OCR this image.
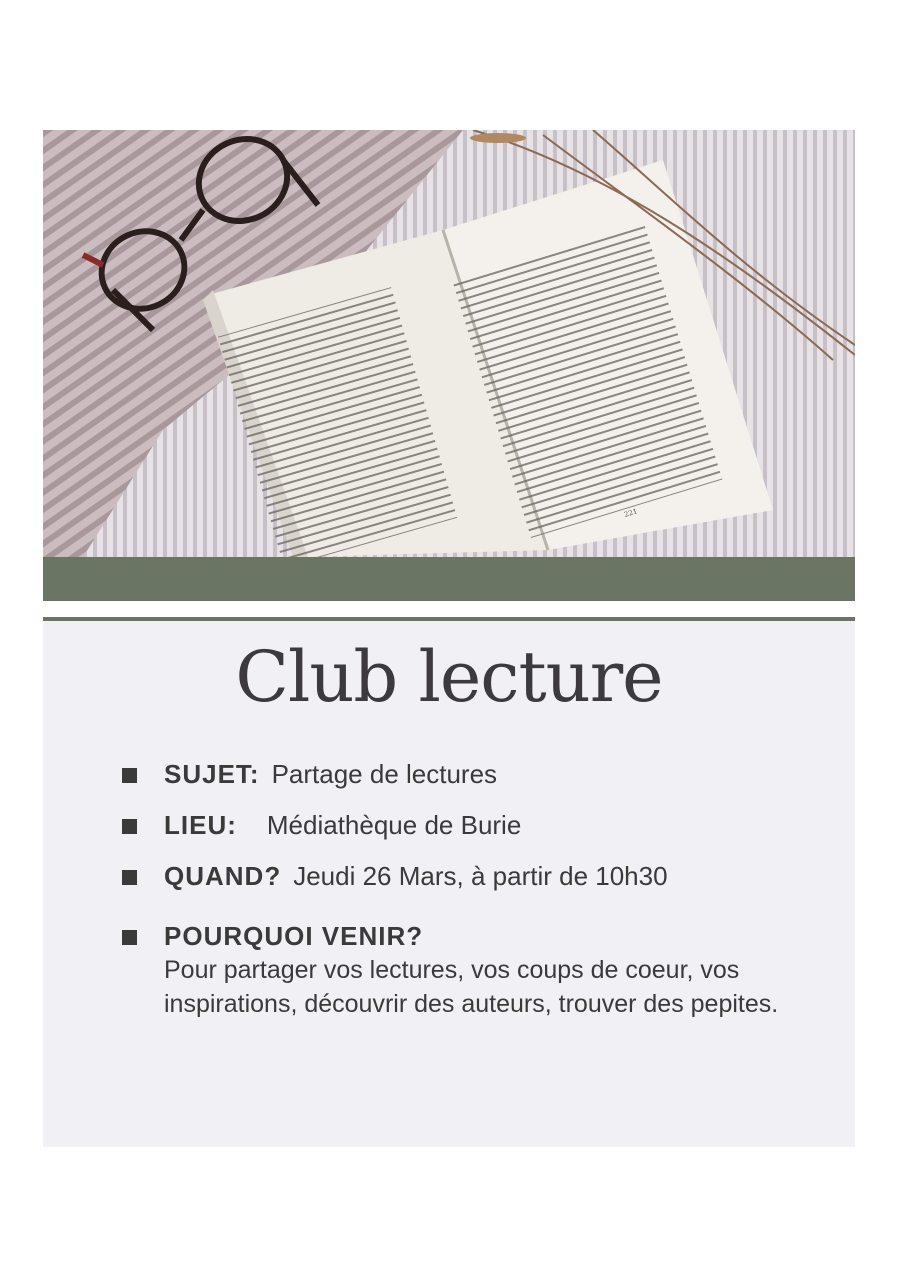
221
Club lecture
SUJET: Partage de lectures
LIEU: Médiathèque de Burie
QUAND? Jeudi 26 Mars, à partir de 10h30
POURQUOI VENIR?
Pour partager vos lectures, vos coups de coeur, vos
inspirations, découvrir des auteurs, trouver des pepites.
